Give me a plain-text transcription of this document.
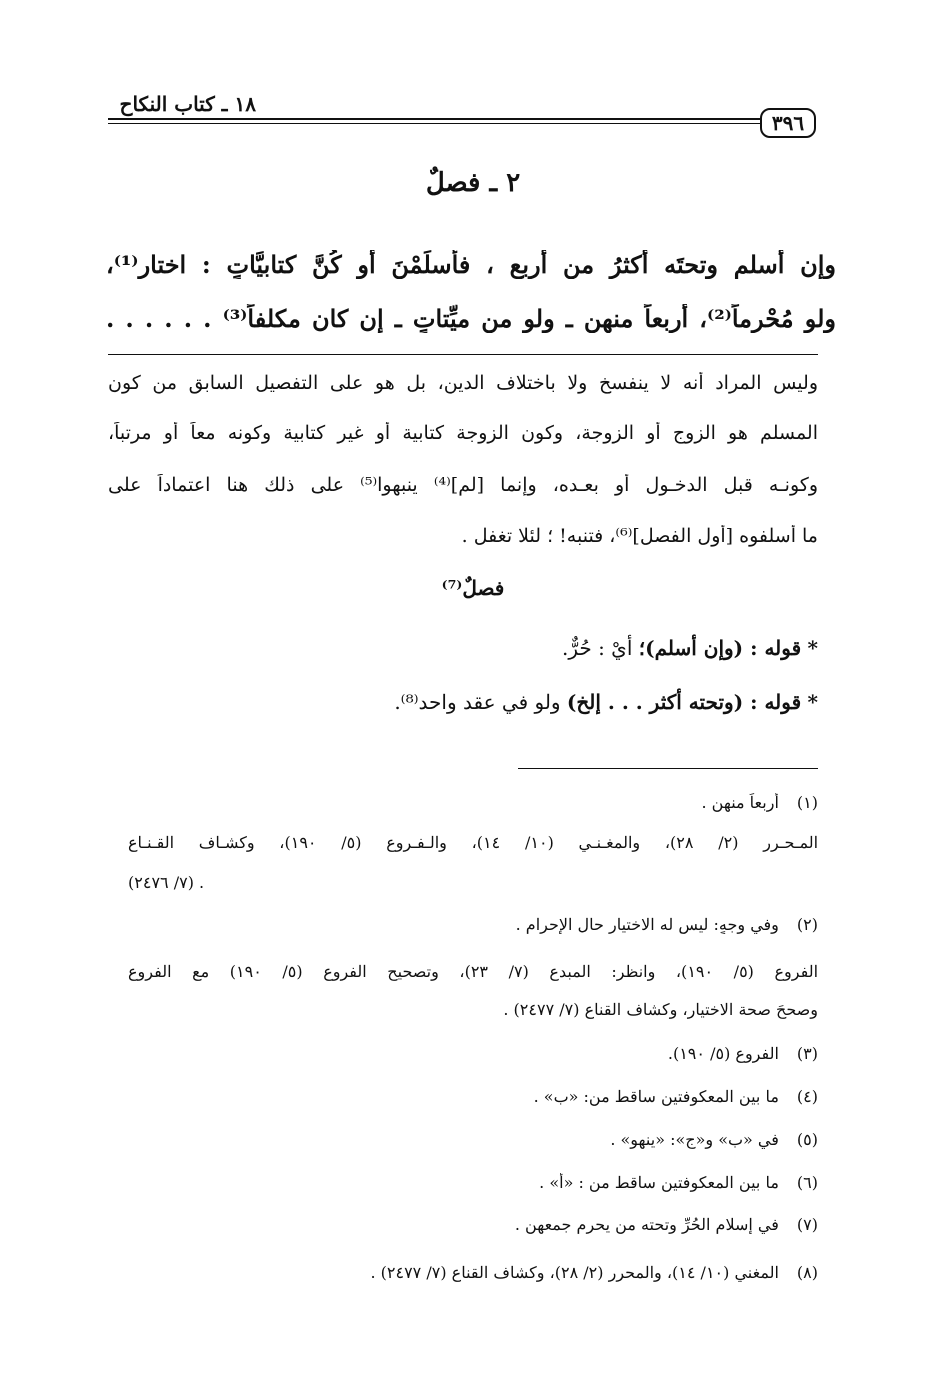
١٨ ـ كتاب النكاح
٣٩٦
٢ ـ فصلٌ
وإن أسلم وتحتَه أكثرُ من أربعٍ ، فأسلَمْنَ أو كُنَّ كتابيَّاتٍ : اختار⁽¹⁾،
ولو مُحْرِماً⁽²⁾، أربعاً منهن ـ ولو من ميِّتاتٍ ـ إن كان مكلفاً⁽³⁾ . . . . . .
وليس المراد أنه لا ينفسخ ولا باختلاف الدين، بل هو على التفصيل السابق من كون
المسلم هو الزوج أو الزوجة، وكون الزوجة كتابية أو غير كتابية وكونه معاً أو مرتباً،
وكونـه قبل الدخـول أو بعـده، وإنما [لم]⁽⁴⁾ ينبهوا⁽⁵⁾ على ذلك هنا اعتماداً على
ما أسلفوه [أول الفصل]⁽⁶⁾، فتنبه! ؛ لئلا تغفل .
فصلٌ⁽⁷⁾
* قوله : (وإن أسلم)؛ أيْ : حُرٌّ.
* قوله : (وتحته أكثر . . . إلخ) ولو في عقد واحد⁽⁸⁾.
(١) أربعاً منهن .
المـحـرر (٢/ ٢٨)، والمغـنـي (١٠/ ١٤)، والـفـروع (٥/ ١٩٠)، وكشـاف القـنـاع
(٧/ ٢٤٧٦) .
(٢) وفي وجهٍ: ليس له الاختيار حال الإحرام .
الفروع (٥/ ١٩٠)، وانظر: المبدع (٧/ ٢٣)، وتصحيح الفروع (٥/ ١٩٠) مع الفروع
وصححَ صحة الاختيار، وكشاف القناع (٧/ ٢٤٧٧) .
(٣) الفروع (٥/ ١٩٠).
(٤) ما بين المعكوفتين ساقط من: «ب» .
(٥) في «ب» و«ج»: «ينهو» .
(٦) ما بين المعكوفتين ساقط من : «أ» .
(٧) في إسلام الحُرِّ وتحته من يحرم جمعهن .
(٨) المغني (١٠/ ١٤)، والمحرر (٢/ ٢٨)، وكشاف القناع (٧/ ٢٤٧٧) .
